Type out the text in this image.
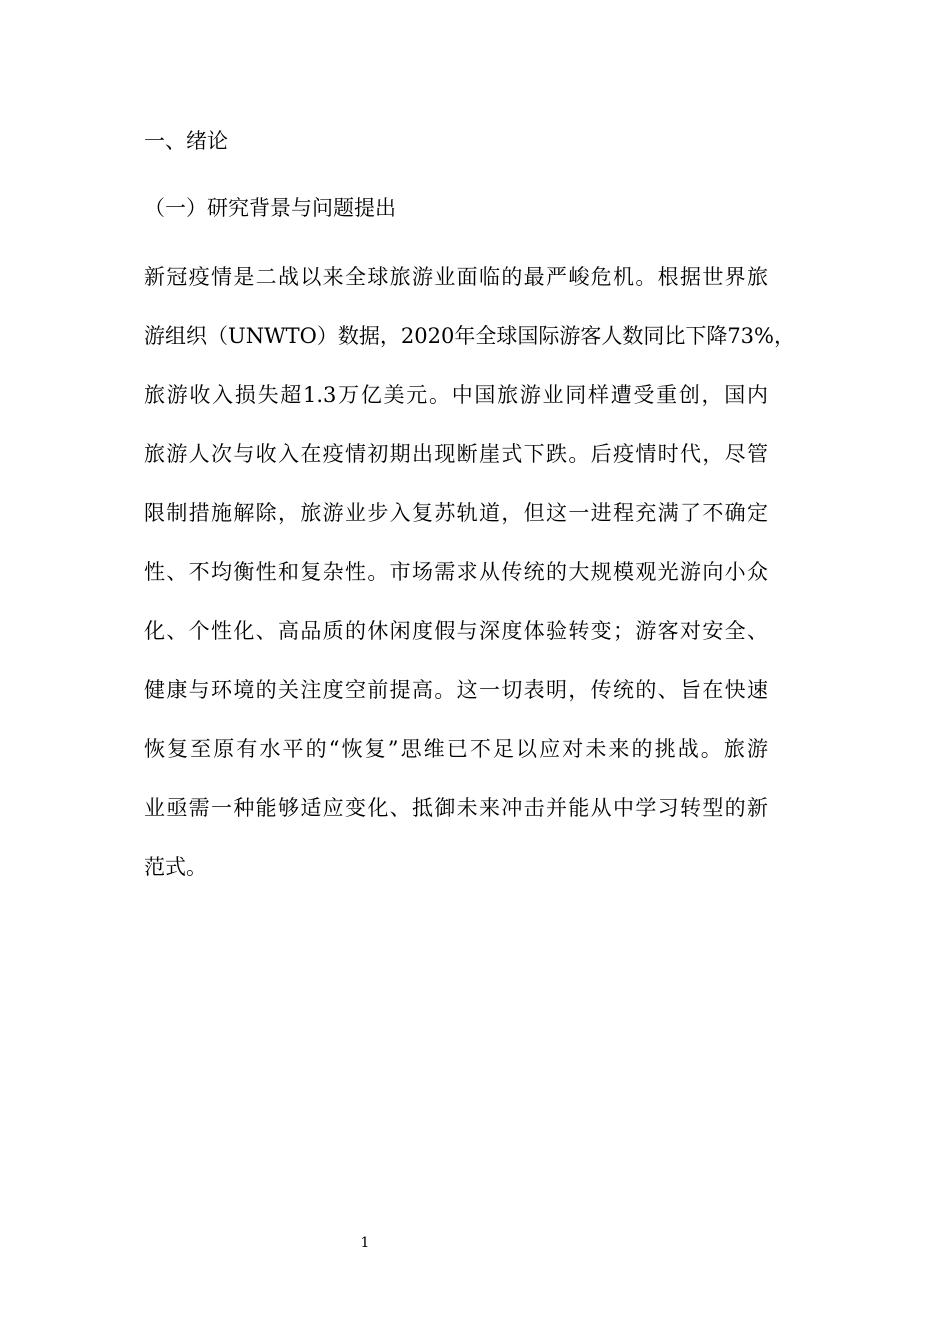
一、绪论
（一）研究背景与问题提出
新冠疫情是二战以来全球旅游业面临的最严峻危机。根据世界旅
游组织（UNWTO）数据，2020年全球国际游客人数同比下降73%，
旅游收入损失超1.3万亿美元。中国旅游业同样遭受重创，国内
旅游人次与收入在疫情初期出现断崖式下跌。后疫情时代，尽管
限制措施解除，旅游业步入复苏轨道，但这一进程充满了不确定
性、不均衡性和复杂性。市场需求从传统的大规模观光游向小众
化、个性化、高品质的休闲度假与深度体验转变；游客对安全、
健康与环境的关注度空前提高。这一切表明，传统的、旨在快速
恢复至原有水平的“恢复”思维已不足以应对未来的挑战。旅游
业亟需一种能够适应变化、抵御未来冲击并能从中学习转型的新
范式。
1
